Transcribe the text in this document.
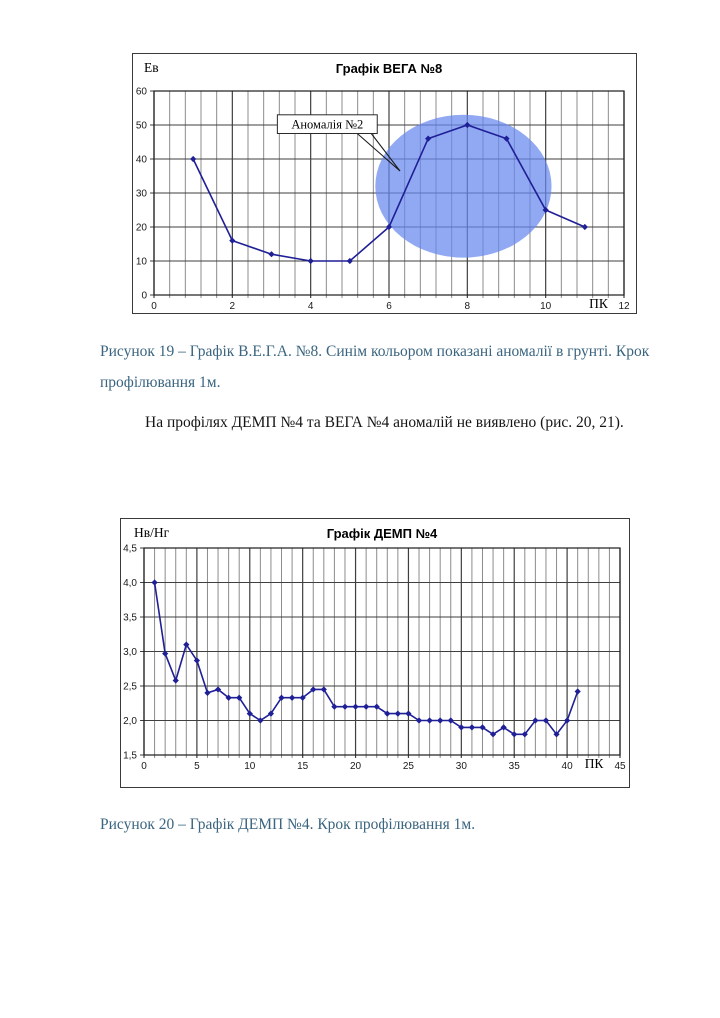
Ев	Графік ВЕГА №8
Аномалія №2
0	2	4	6	8	10	12
0
10
20
30
40
50
60
ПК
Рисунок 19 – Графік В.Е.Г.А. №8. Синім кольором показані аномалії в грунті. Крок профілювання 1м.
На профілях ДЕМП №4 та ВЕГА №4 аномалій не виявлено (рис. 20, 21).
Нв/Нг	Графік ДЕМП №4
0	5	10	15	20	25	30	35	40	45
1,5
2,0
2,5
3,0
3,5
4,0
4,5
ПК
Рисунок 20 – Графік ДЕМП №4. Крок профілювання 1м.
